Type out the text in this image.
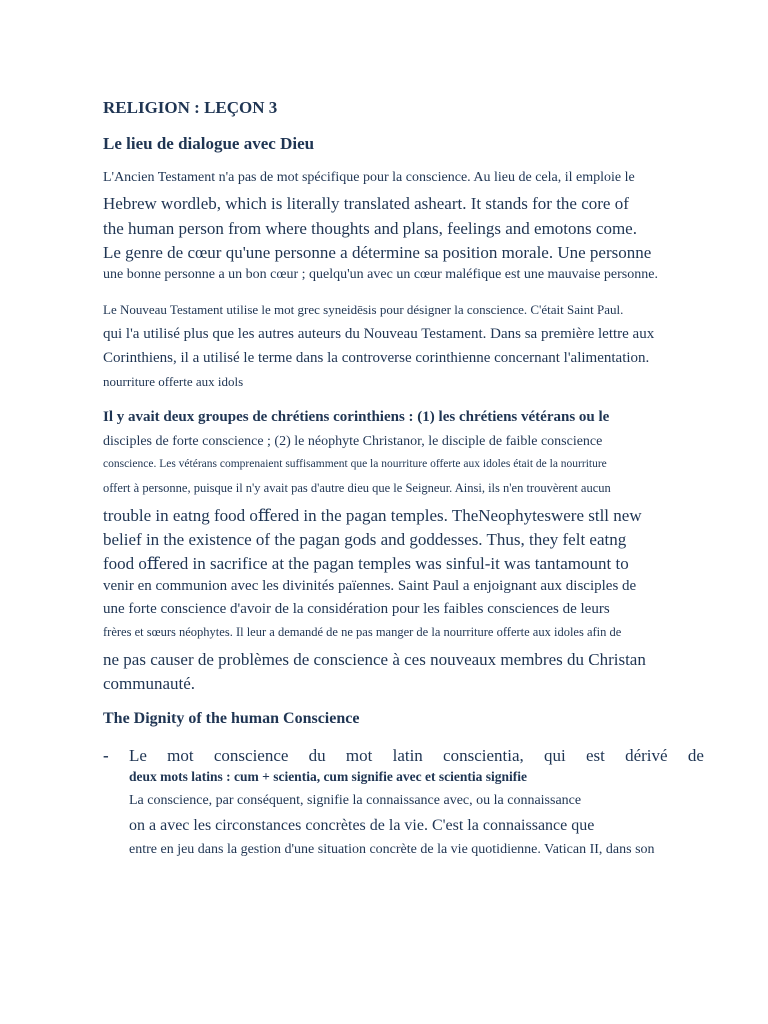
RELIGION : LEÇON 3
Le lieu de dialogue avec Dieu
L'Ancien Testament n'a pas de mot spécifique pour la conscience. Au lieu de cela, il emploie le
Hebrew wordleb, which is literally translated asheart. It stands for the core of
the human person from where thoughts and plans, feelings and emotons come.
Le genre de cœur qu'une personne a détermine sa position morale. Une personne
une bonne personne a un bon cœur ; quelqu'un avec un cœur maléfique est une mauvaise personne.
Le Nouveau Testament utilise le mot grec syneidēsis pour désigner la conscience. C'était Saint Paul.
qui l'a utilisé plus que les autres auteurs du Nouveau Testament. Dans sa première lettre aux
Corinthiens, il a utilisé le terme dans la controverse corinthienne concernant l'alimentation.
nourriture offerte aux idols
Il y avait deux groupes de chrétiens corinthiens : (1) les chrétiens vétérans ou le
disciples de forte conscience ; (2) le néophyte Christanor, le disciple de faible conscience
conscience. Les vétérans comprenaient suffisamment que la nourriture offerte aux idoles était de la nourriture
offert à personne, puisque il n'y avait pas d'autre dieu que le Seigneur. Ainsi, ils n'en trouvèrent aucun
trouble in eatng food oﬀered in the pagan temples. TheNeophyteswere stll new
belief in the existence of the pagan gods and goddesses. Thus, they felt eatng
food oﬀered in sacrifice at the pagan temples was sinful-it was tantamount to
venir en communion avec les divinités païennes. Saint Paul a enjoignant aux disciples de
une forte conscience d'avoir de la considération pour les faibles consciences de leurs
frères et sœurs néophytes. Il leur a demandé de ne pas manger de la nourriture offerte aux idoles afin de
ne pas causer de problèmes de conscience à ces nouveaux membres du Christan
communauté.
The Dignity of the human Conscience
- Le mot conscience du mot latin conscientia, qui est dérivé de
deux mots latins : cum + scientia, cum signifie avec et scientia signifie
La conscience, par conséquent, signifie la connaissance avec, ou la connaissance
on a avec les circonstances concrètes de la vie. C'est la connaissance que
entre en jeu dans la gestion d'une situation concrète de la vie quotidienne. Vatican II, dans son
